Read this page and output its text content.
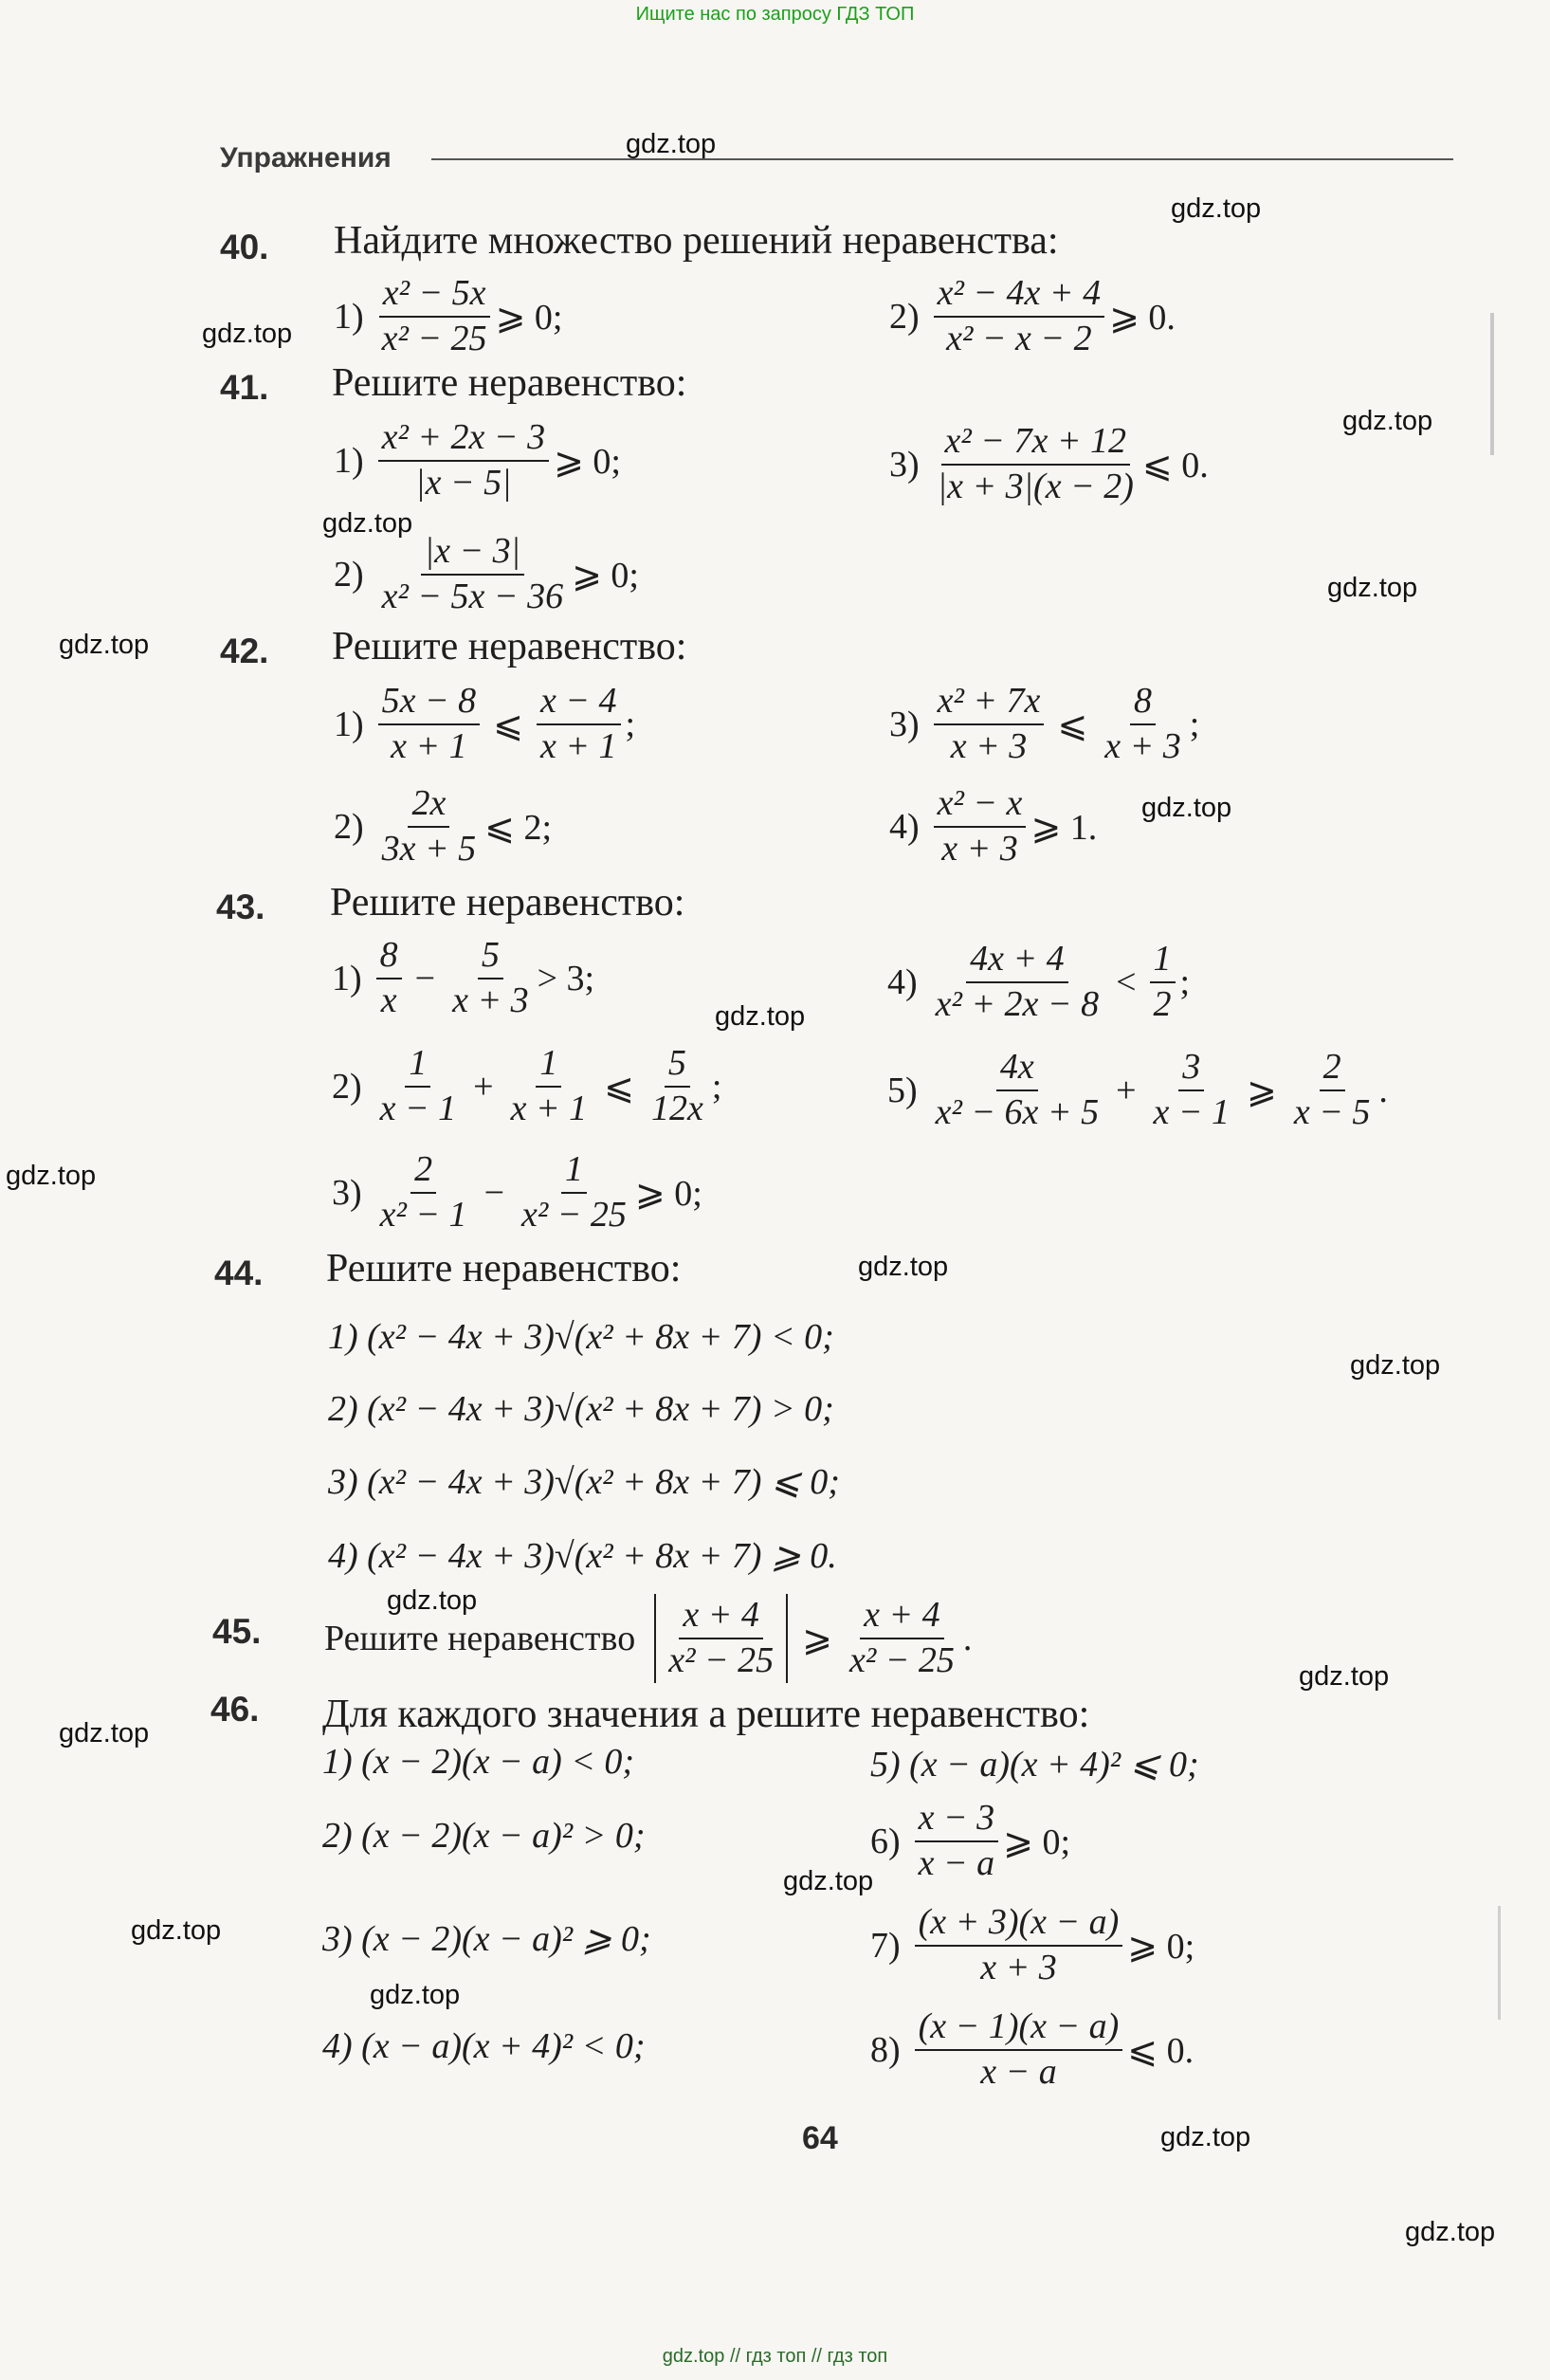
Ищите нас по запросу ГДЗ ТОП
Упражнения	gdz.top
gdz.top
gdz.top
gdz.top
gdz.top
gdz.top
gdz.top
gdz.top
gdz.top
gdz.top
gdz.top
gdz.top
gdz.top
gdz.top
gdz.top
gdz.top
gdz.top
gdz.top
gdz.top
gdz.top
40. Найдите множество решений неравенства:
$1) \frac{\text{x² − 5x}}{\text{x² − 25}}$ ⩾ 0;	$2) \frac{\text{x² − 4x + 4}}{\text{x² − x − 2}}$ ⩾ 0.
41. Решите неравенство:
$1) \frac{\text{x² + 2x − 3}}{|x - 5|}$ ⩾ 0;
$2) \frac{|x - 3|}{\text{x² − 5x − 36}}$ ⩾ 0;
$3) \frac{\text{x² − 7x + 12}}{|x + 3|(x - 2)}$ ⩽ 0.
42. Решите неравенство:
$1) \frac{5x - 8}{x + 1}$ ⩽ $\frac{x - 4}{x + 1}$ ;
$2) \frac{2x}{3x + 5}$ ⩽ 2;
$3) \frac{\text{x² + 7x}}{x + 3}$ ⩽ $\frac{8}{x + 3}$ ;
$4) \frac{\text{x² − x}}{x + 3}$ ⩾ 1.
43. Решите неравенство:
$1) \frac{8}{x} - \frac{5}{x + 3} > 3$;
$2) \frac{1}{x - 1} + \frac{1}{x + 1}$ ⩽ $\frac{5}{12x}$ ;
$3) \frac{2}{\text{x² − 1}} - \frac{1}{\text{x² − 25}}$ ⩾ 0;
$4) \frac{4x + 4}{\text{x² + 2x − 8}} < \frac{1}{2}$ ;
$5) \frac{4x}{\text{x² − 6x + 5}} + \frac{3}{x - 1}$ ⩾ $\frac{2}{x - 5}$ .
44. Решите неравенство:
1) (x² − 4x + 3)√(x² + 8x + 7) < 0;
2) (x² − 4x + 3)√(x² + 8x + 7) > 0;
3) (x² − 4x + 3)√(x² + 8x + 7) ⩽ 0;
4) (x² − 4x + 3)√(x² + 8x + 7) ⩾ 0.
45. Решите неравенство $\frac{x + 4}{\text{x² − 25}}$ ⩾ $\frac{x + 4}{\text{x² − 25}}$ .
46. Для каждого значения a решите неравенство:
1) (x − 2)(x − a) < 0;
2) (x − 2)(x − a)² > 0;
3) (x − 2)(x − a)² ⩾ 0;
4) (x − a)(x + 4)² < 0;
5) (x − a)(x + 4)² ⩽ 0;
$6) \frac{x - 3}{x - a}$ ⩾ 0;
$7) \frac{(x + 3)(x - a)}{x + 3}$ ⩾ 0;
$8) \frac{(x - 1)(x - a)}{x - a}$ ⩽ 0.
64
gdz.top // гдз топ // гдз топ
